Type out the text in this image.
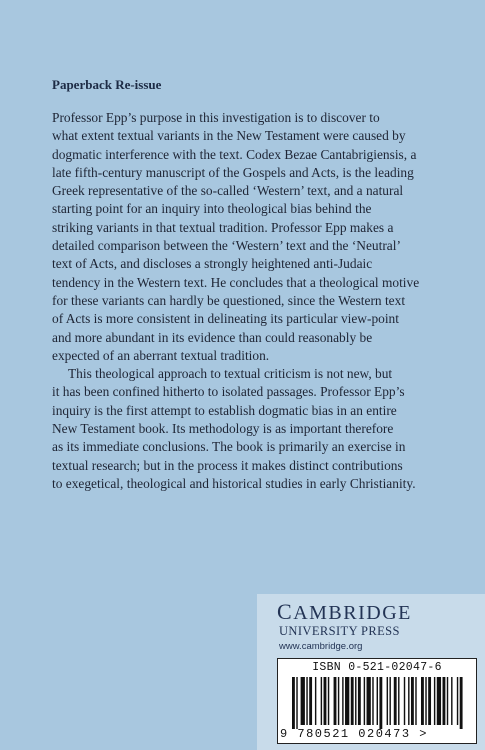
Paperback Re-issue

Professor Epp’s purpose in this investigation is to discover to
what extent textual variants in the New Testament were caused by
dogmatic interference with the text. Codex Bezae Cantabrigiensis, a
late fifth-century manuscript of the Gospels and Acts, is the leading
Greek representative of the so-called ‘Western’ text, and a natural
starting point for an inquiry into theological bias behind the
striking variants in that textual tradition. Professor Epp makes a
detailed comparison between the ‘Western’ text and the ‘Neutral’
text of Acts, and discloses a strongly heightened anti-Judaic
tendency in the Western text. He concludes that a theological motive
for these variants can hardly be questioned, since the Western text
of Acts is more consistent in delineating its particular view-point
and more abundant in its evidence than could reasonably be
expected of an aberrant textual tradition.

This theological approach to textual criticism is not new, but
it has been confined hitherto to isolated passages. Professor Epp’s
inquiry is the first attempt to establish dogmatic bias in an entire
New Testament book. Its methodology is as important therefore
as its immediate conclusions. The book is primarily an exercise in
textual research; but in the process it makes distinct contributions
to exegetical, theological and historical studies in early Christianity.

CAMBRIDGE
UNIVERSITY PRESS
www.cambridge.org
ISBN 0-521-02047-6
9 780521 020473 >
